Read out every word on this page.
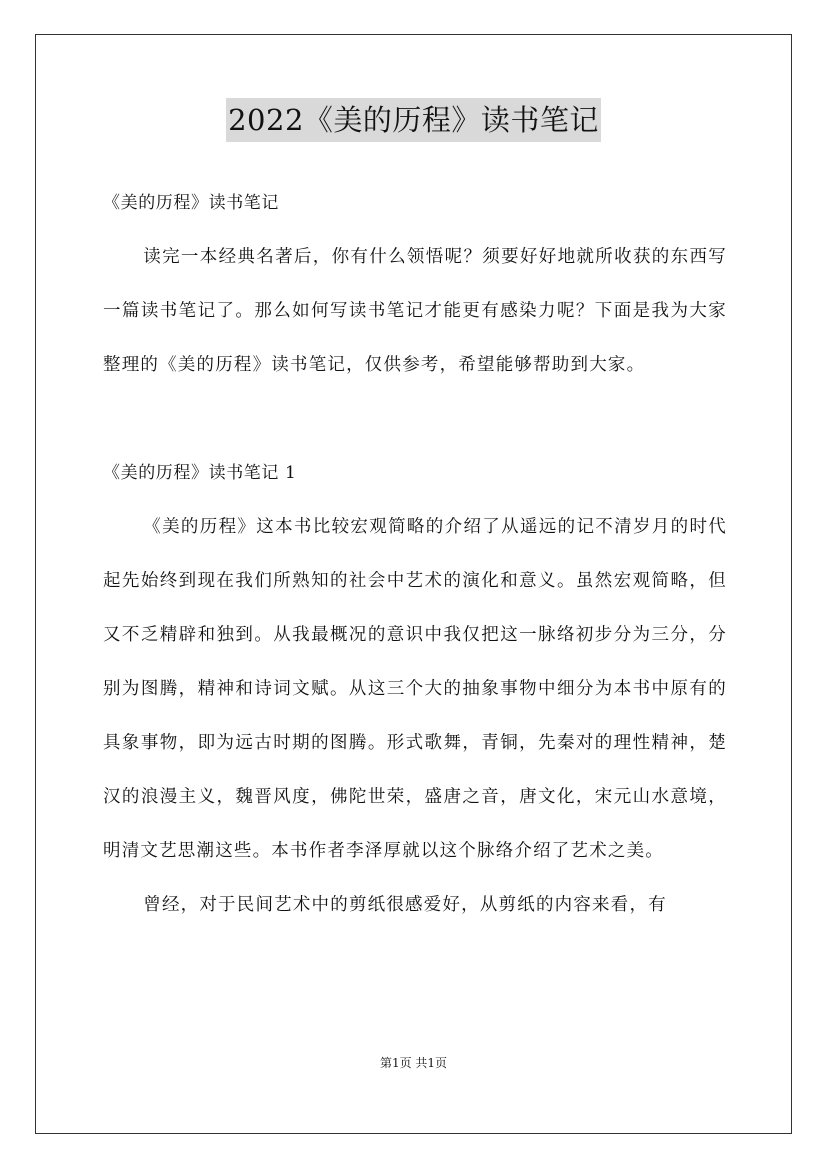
2022《美的历程》读书笔记

《美的历程》读书笔记

读完一本经典名著后，你有什么领悟呢？须要好好地就所收获的东西写一篇读书笔记了。那么如何写读书笔记才能更有感染力呢？下面是我为大家整理的《美的历程》读书笔记，仅供参考，希望能够帮助到大家。

《美的历程》读书笔记 1

《美的历程》这本书比较宏观简略的介绍了从遥远的记不清岁月的时代起先始终到现在我们所熟知的社会中艺术的演化和意义。虽然宏观简略，但又不乏精辟和独到。从我最概况的意识中我仅把这一脉络初步分为三分，分别为图腾，精神和诗词文赋。从这三个大的抽象事物中细分为本书中原有的具象事物，即为远古时期的图腾。形式歌舞，青铜，先秦对的理性精神，楚汉的浪漫主义，魏晋风度，佛陀世荣，盛唐之音，唐文化，宋元山水意境，明清文艺思潮这些。本书作者李泽厚就以这个脉络介绍了艺术之美。

曾经，对于民间艺术中的剪纸很感爱好，从剪纸的内容来看，有

第1页 共1页
